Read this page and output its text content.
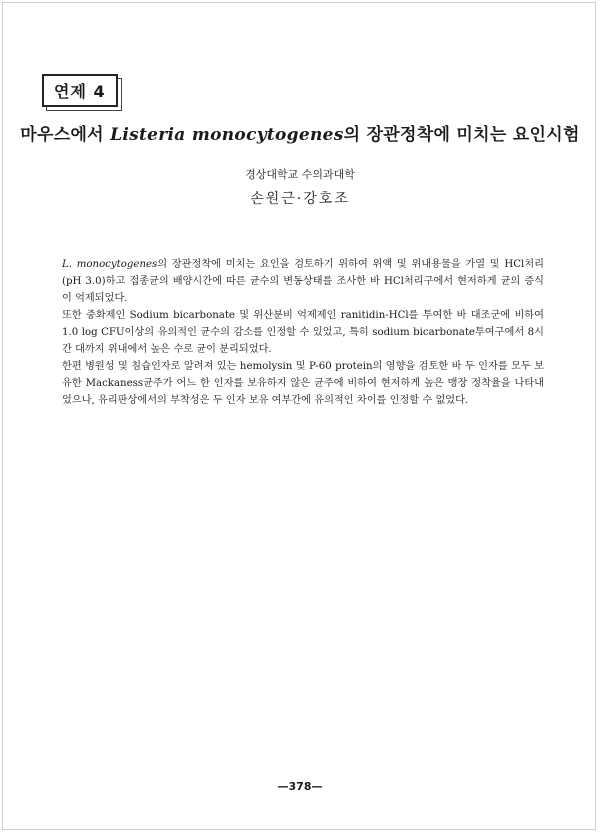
연제 4
마우스에서 Listeria monocytogenes의 장관정착에 미치는 요인시험
경상대학교 수의과대학
손원근·강호조

L. monocytogenes의 장관정착에 미치는 요인을 검토하기 위하여 위액 및 위내용물을 가열 및 HCl처리(pH 3.0)하고 접종균의 배양시간에 따른 균수의 변동상태를 조사한 바 HCl처리구에서 현저하게 균의 증식이 억제되었다.

또한 중화제인 Sodium bicarbonate 및 위산분비 억제제인 ranitidin-HCl를 투여한 바 대조군에 비하여 1.0 log CFU이상의 유의적인 균수의 감소를 인정할 수 있었고, 특히 sodium bicarbonate투여구에서 8시간 대까지 위내에서 높은 수로 균이 분리되었다.

한편 병원성 및 침습인자로 알려져 있는 hemolysin 및 P-60 protein의 영향을 검토한 바 두 인자를 모두 보유한 Mackaness균주가 어느 한 인자를 보유하지 않은 균주에 비하여 현저하게 높은 맹장 정착율을 나타내었으나, 유리판상에서의 부착성은 두 인자 보유 여부간에 유의적인 차이를 인정할 수 없었다.

—378—
